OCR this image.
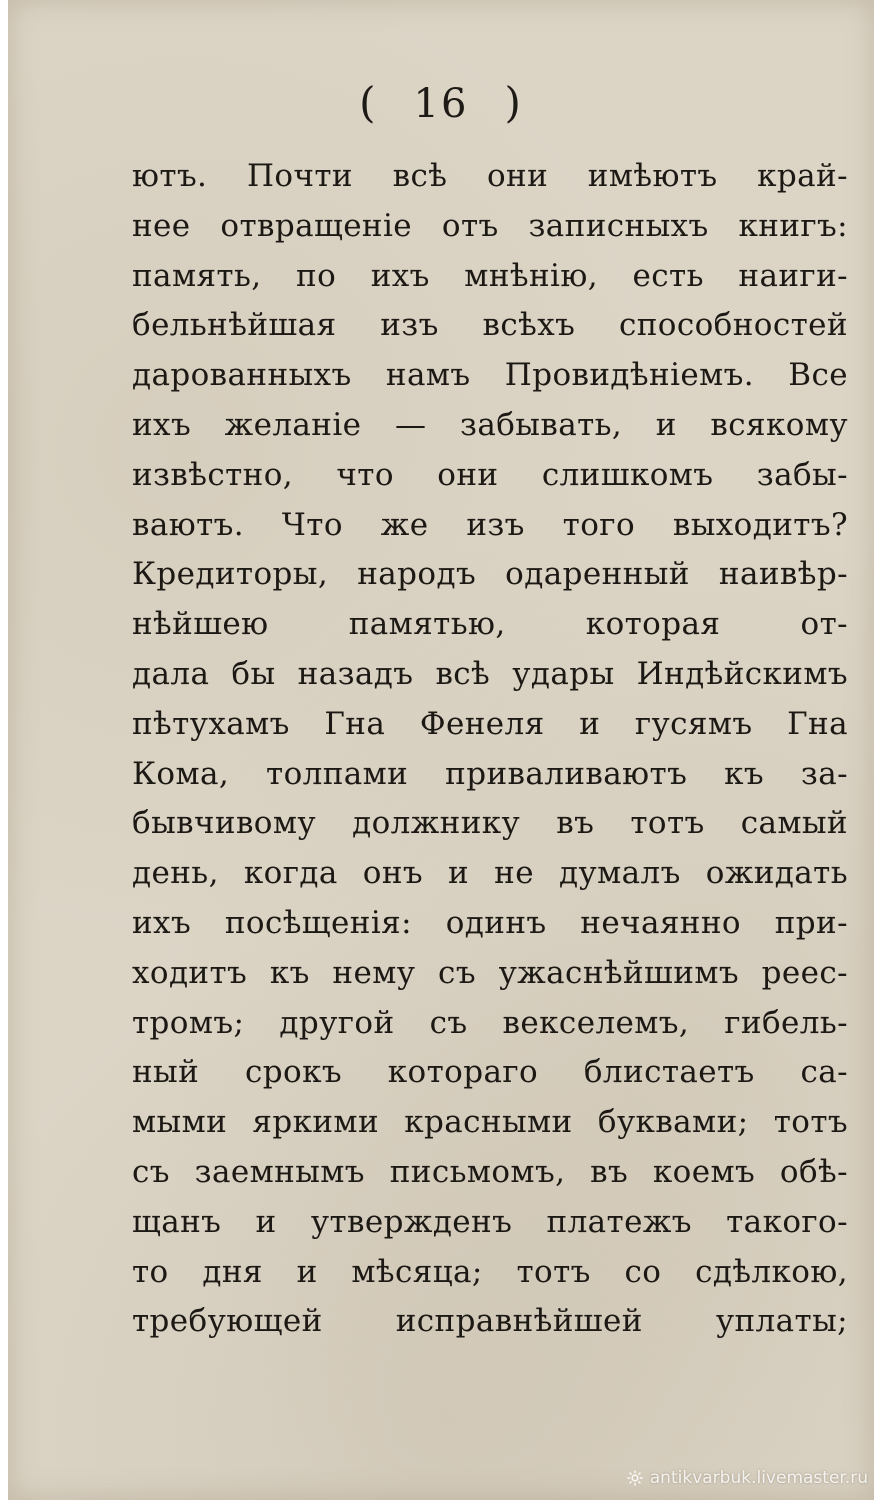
( 16 )
ютъ. Почти всѣ они имѣютъ край-
нее отвращеніе отъ записныхъ книгъ:
память, по ихъ мнѣнію, есть наиги-
бельнѣйшая изъ всѣхъ способностей
дарованныхъ намъ Провидѣніемъ. Все
ихъ желаніе — забывать, и всякому
извѣстно, что они слишкомъ забы-
ваютъ. Что же изъ того выходитъ?
Кредиторы, народъ одаренный наивѣр-
нѣйшею памятью, которая от-
дала бы назадъ всѣ удары Индѣйскимъ
пѣтухамъ Гна Фенеля и гусямъ Гна
Кома, толпами приваливаютъ къ за-
бывчивому должнику въ тотъ самый
день, когда онъ и не думалъ ожидать
ихъ посѣщенія: одинъ нечаянно при-
ходитъ къ нему съ ужаснѣйшимъ реес-
тромъ; другой съ векселемъ, гибель-
ный срокъ котораго блистаетъ са-
мыми яркими красными буквами; тотъ
съ заемнымъ письмомъ, въ коемъ обѣ-
щанъ и утвержденъ платежъ такого-
то дня и мѣсяца; тотъ со сдѣлкою,
требующей исправнѣйшей уплаты;
antikvarbuk.livemaster.ru
